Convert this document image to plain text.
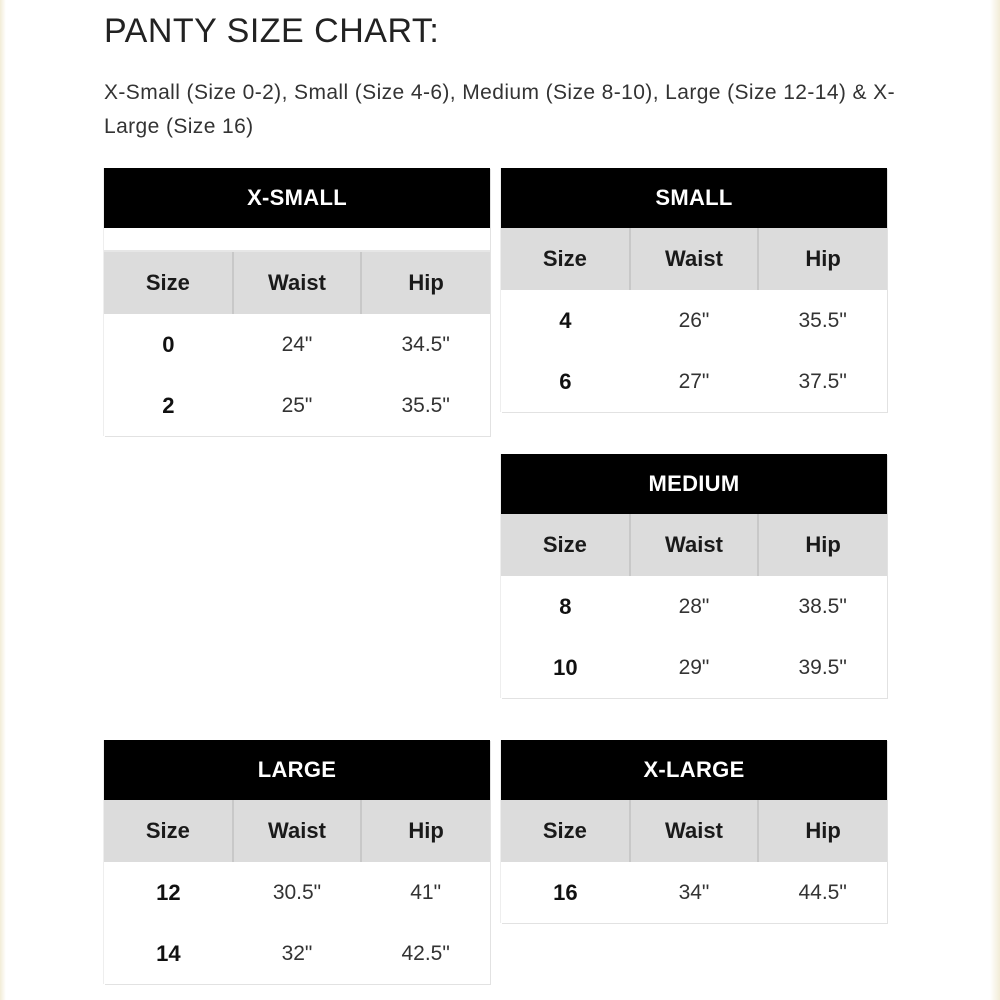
PANTY SIZE CHART:
X-Small (Size 0-2), Small (Size 4-6), Medium (Size 8-10), Large (Size 12-14) & X-Large (Size 16)
X-SMALL		

Size	Waist	Hip
0	24"	34.5"
2	25"	35.5"
SMALL		
Size	Waist	Hip
4	26"	35.5"
6	27"	37.5"
MEDIUM		
Size	Waist	Hip
8	28"	38.5"
10	29"	39.5"
LARGE		
Size	Waist	Hip
12	30.5"	41"
14	32"	42.5"
X-LARGE		
Size	Waist	Hip
16	34"	44.5"
